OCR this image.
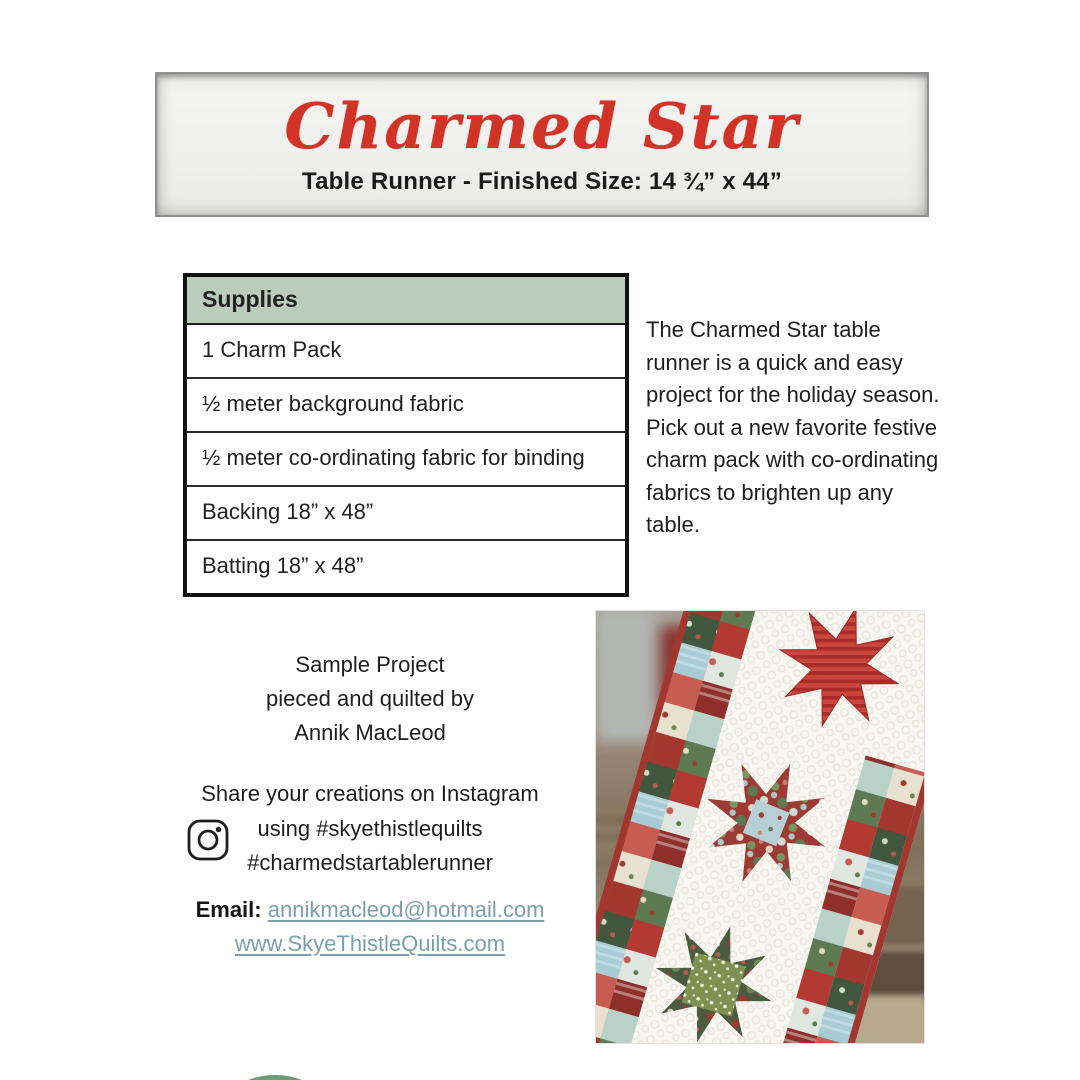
Charmed Star
Table Runner - Finished Size: 14 ¾” x 44”
Supplies
1 Charm Pack
½ meter background fabric
½ meter co-ordinating fabric for binding
Backing 18” x 48”
Batting 18” x 48”

The Charmed Star table runner is a quick and easy project for the holiday season. Pick out a new favorite festive charm pack with co-ordinating fabrics to brighten up any table.

Sample Project
pieced and quilted by
Annik MacLeod
Share your creations on Instagram
using #skyethistlequilts
#charmedstartablerunner
Email: annikmacleod@hotmail.com
www.SkyeThistleQuilts.com
